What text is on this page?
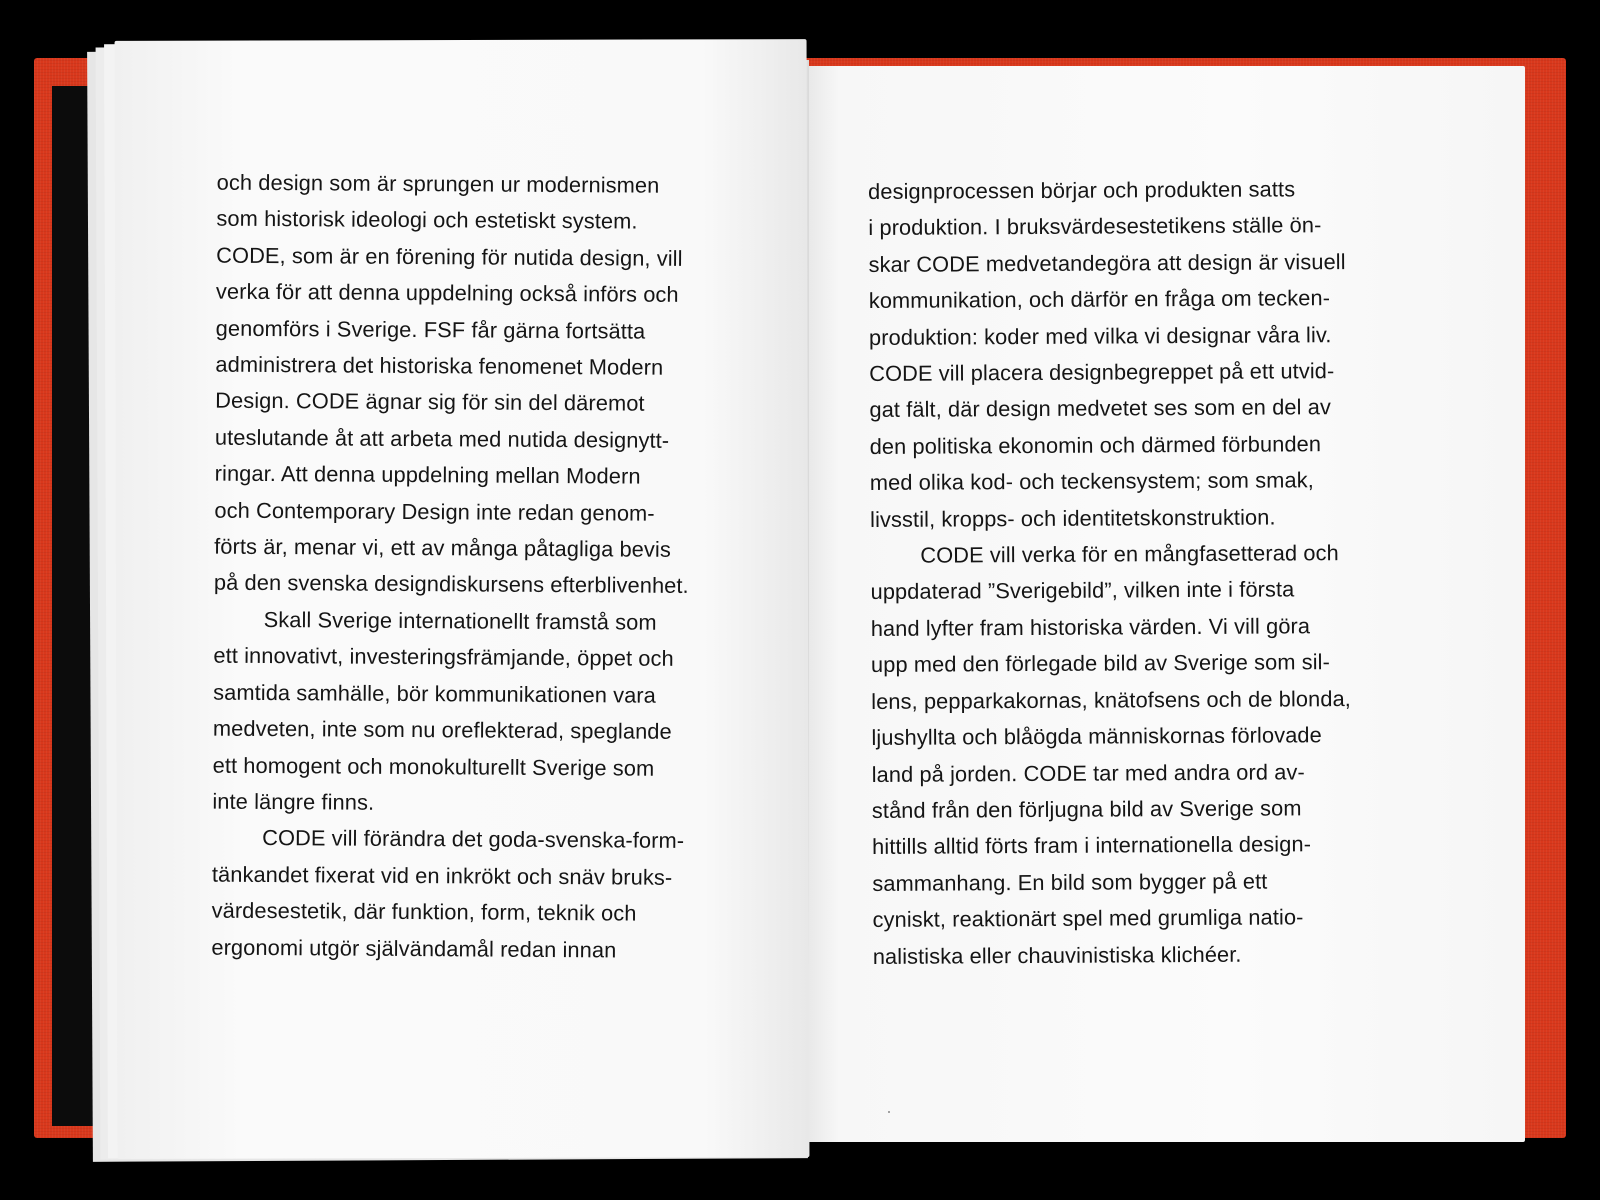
designprocessen börjar och produkten satts
i produktion. I bruksvärdesestetikens ställe ön-
skar CODE medvetandegöra att design är visuell
kommunikation, och därför en fråga om tecken-
produktion: koder med vilka vi designar våra liv.
CODE vill placera designbegreppet på ett utvid-
gat fält, där design medvetet ses som en del av
den politiska ekonomin och därmed förbunden
med olika kod- och teckensystem; som smak,
livsstil, kropps- och identitetskonstruktion.

CODE vill verka för en mångfasetterad och
uppdaterad ”Sverigebild”, vilken inte i första
hand lyfter fram historiska värden. Vi vill göra
upp med den förlegade bild av Sverige som sil-
lens, pepparkakornas, knätofsens och de blonda,
ljushyllta och blåögda människornas förlovade
land på jorden. CODE tar med andra ord av-
stånd från den förljugna bild av Sverige som
hittills alltid förts fram i internationella design-
sammanhang. En bild som bygger på ett
cyniskt, reaktionärt spel med grumliga natio-
nalistiska eller chauvinistiska klichéer.

och design som är sprungen ur modernismen
som historisk ideologi och estetiskt system.
CODE, som är en förening för nutida design, vill
verka för att denna uppdelning också införs och
genomförs i Sverige. FSF får gärna fortsätta
administrera det historiska fenomenet Modern
Design. CODE ägnar sig för sin del däremot
uteslutande åt att arbeta med nutida designytt-
ringar. Att denna uppdelning mellan Modern
och Contemporary Design inte redan genom-
förts är, menar vi, ett av många påtagliga bevis
på den svenska designdiskursens efterblivenhet.

Skall Sverige internationellt framstå som
ett innovativt, investeringsfrämjande, öppet och
samtida samhälle, bör kommunikationen vara
medveten, inte som nu oreflekterad, speglande
ett homogent och monokulturellt Sverige som
inte längre finns.

CODE vill förändra det goda-svenska-form-
tänkandet fixerat vid en inkrökt och snäv bruks-
värdesestetik, där funktion, form, teknik och
ergonomi utgör självändamål redan innan
